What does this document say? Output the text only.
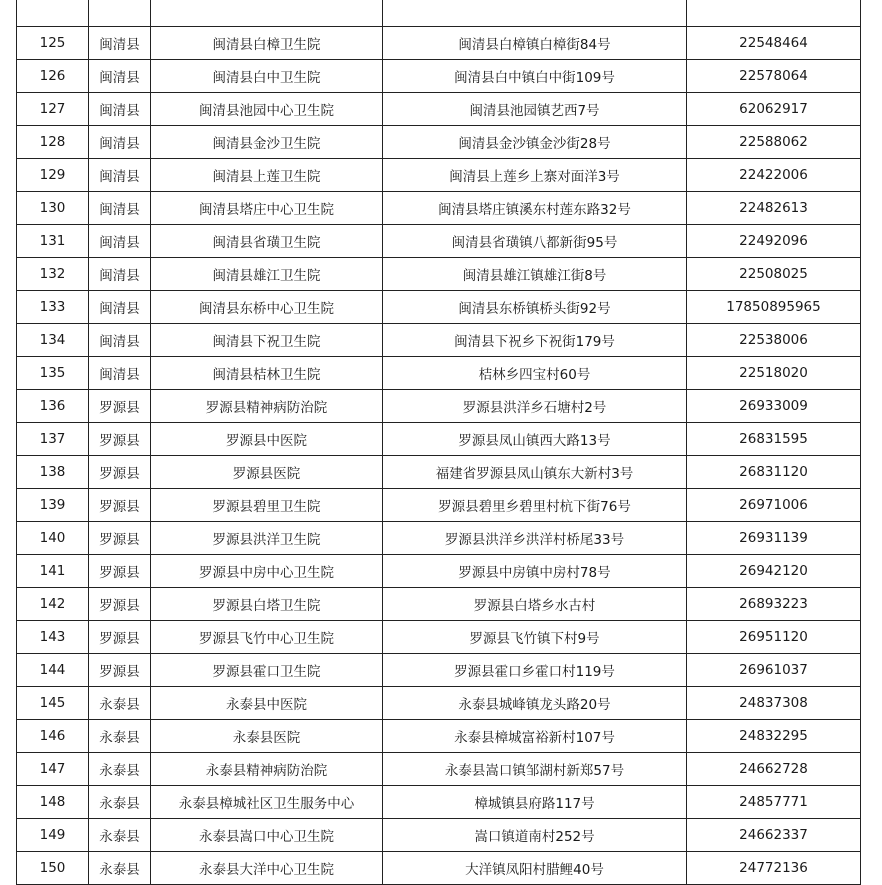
125	闽清县	闽清县白樟卫生院	闽清县白樟镇白樟街84号	22548464
126	闽清县	闽清县白中卫生院	闽清县白中镇白中街109号	22578064
127	闽清县	闽清县池园中心卫生院	闽清县池园镇艺西7号	62062917
128	闽清县	闽清县金沙卫生院	闽清县金沙镇金沙街28号	22588062
129	闽清县	闽清县上莲卫生院	闽清县上莲乡上寨对面洋3号	22422006
130	闽清县	闽清县塔庄中心卫生院	闽清县塔庄镇溪东村莲东路32号	22482613
131	闽清县	闽清县省璜卫生院	闽清县省璜镇八都新街95号	22492096
132	闽清县	闽清县雄江卫生院	闽清县雄江镇雄江街8号	22508025
133	闽清县	闽清县东桥中心卫生院	闽清县东桥镇桥头街92号	17850895965
134	闽清县	闽清县下祝卫生院	闽清县下祝乡下祝街179号	22538006
135	闽清县	闽清县桔林卫生院	桔林乡四宝村60号	22518020
136	罗源县	罗源县精神病防治院	罗源县洪洋乡石塘村2号	26933009
137	罗源县	罗源县中医院	罗源县凤山镇西大路13号	26831595
138	罗源县	罗源县医院	福建省罗源县凤山镇东大新村3号	26831120
139	罗源县	罗源县碧里卫生院	罗源县碧里乡碧里村杭下街76号	26971006
140	罗源县	罗源县洪洋卫生院	罗源县洪洋乡洪洋村桥尾33号	26931139
141	罗源县	罗源县中房中心卫生院	罗源县中房镇中房村78号	26942120
142	罗源县	罗源县白塔卫生院	罗源县白塔乡水古村	26893223
143	罗源县	罗源县飞竹中心卫生院	罗源县飞竹镇下村9号	26951120
144	罗源县	罗源县霍口卫生院	罗源县霍口乡霍口村119号	26961037
145	永泰县	永泰县中医院	永泰县城峰镇龙头路20号	24837308
146	永泰县	永泰县医院	永泰县樟城富裕新村107号	24832295
147	永泰县	永泰县精神病防治院	永泰县嵩口镇邹湖村新郑57号	24662728
148	永泰县	永泰县樟城社区卫生服务中心	樟城镇县府路117号	24857771
149	永泰县	永泰县嵩口中心卫生院	嵩口镇道南村252号	24662337
150	永泰县	永泰县大洋中心卫生院	大洋镇凤阳村腊鲤40号	24772136
